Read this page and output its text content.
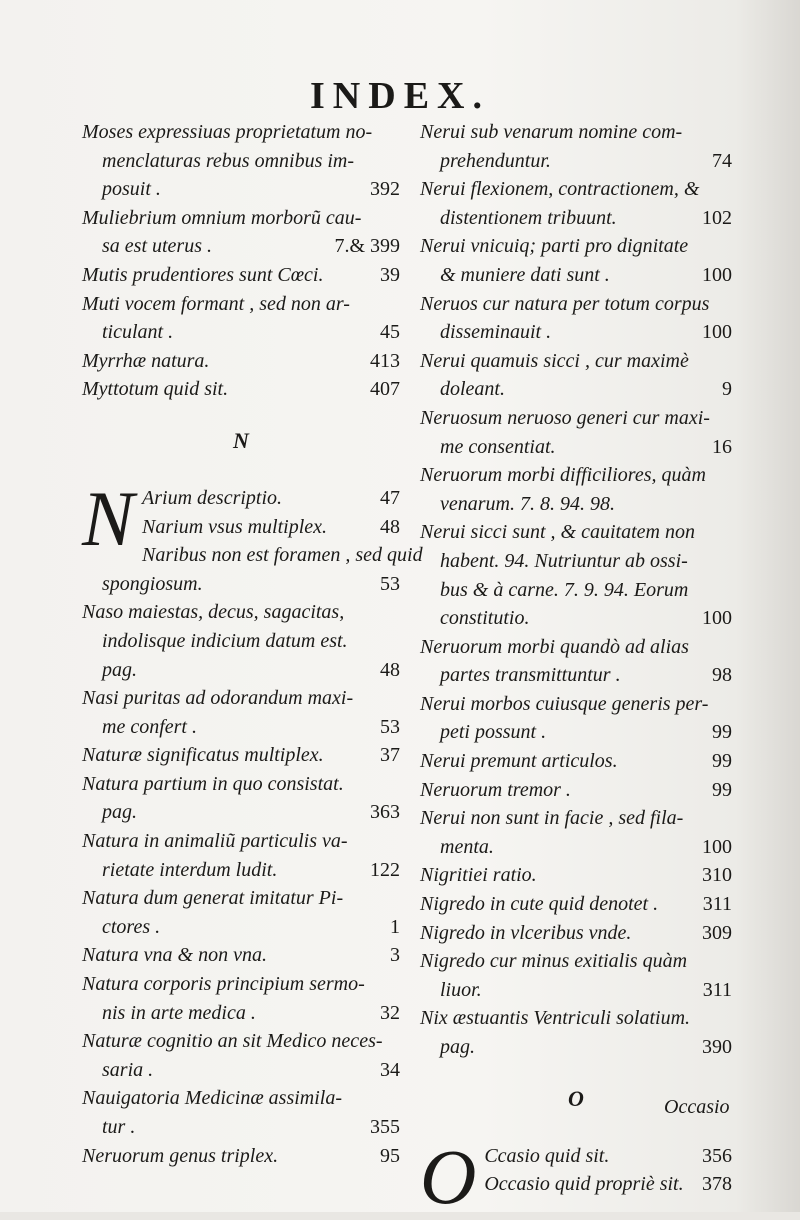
INDEX.
Moses expressiuas proprietatum no-
menclaturas rebus omnibus im-
posuit .	392
Muliebrium omnium morborũ cau-
sa est uterus .	7.& 399
Mutis prudentiores sunt Cœci.	39
Muti vocem formant , sed non ar-
ticulant .	45
Myrrhæ natura.	413
Myttotum quid sit.	407
N
N Arium descriptio.	47
Narium vsus multiplex.	48
Naribus non est foramen , sed quid
spongiosum.	53
Naso maiestas, decus, sagacitas,
indolisque indicium datum est.
pag.	48
Nasi puritas ad odorandum maxi-
me confert .	53
Naturæ significatus multiplex.	37
Natura partium in quo consistat.
pag.	363
Natura in animaliũ particulis va-
rietate interdum ludit.	122
Natura dum generat imitatur Pi-
ctores .	1
Natura vna & non vna.	3
Natura corporis principium sermo-
nis in arte medica .	32
Naturæ cognitio an sit Medico neces-
saria .	34
Nauigatoria Medicinæ assimila-
tur .	355
Neruorum genus triplex.	95
Nerui sub venarum nomine com-
prehenduntur.	74
Nerui flexionem, contractionem, &
distentionem tribuunt.	102
Nerui vnicuiq; parti pro dignitate
& muniere dati sunt .	100
Neruos cur natura per totum corpus
disseminauit .	100
Nerui quamuis sicci , cur maximè
doleant.	9
Neruosum neruoso generi cur maxi-
me consentiat.	16
Neruorum morbi difficiliores, quàm
venarum. 7. 8. 94. 98.
Nerui sicci sunt , & cauitatem non
habent. 94. Nutriuntur ab ossi-
bus & à carne. 7. 9. 94. Eorum
constitutio.	100
Neruorum morbi quandò ad alias
partes transmittuntur .	98
Nerui morbos cuiusque generis per-
peti possunt .	99
Nerui premunt articulos.	99
Neruorum tremor .	99
Nerui non sunt in facie , sed fila-
menta.	100
Nigritiei ratio.	310
Nigredo in cute quid denotet .	311
Nigredo in vlceribus vnde.	309
Nigredo cur minus exitialis quàm
liuor.	311
Nix æstuantis Ventriculi solatium.
pag.	390
O
O Ccasio quid sit.	356
Occasio quid propriè sit. 378
Occasio
